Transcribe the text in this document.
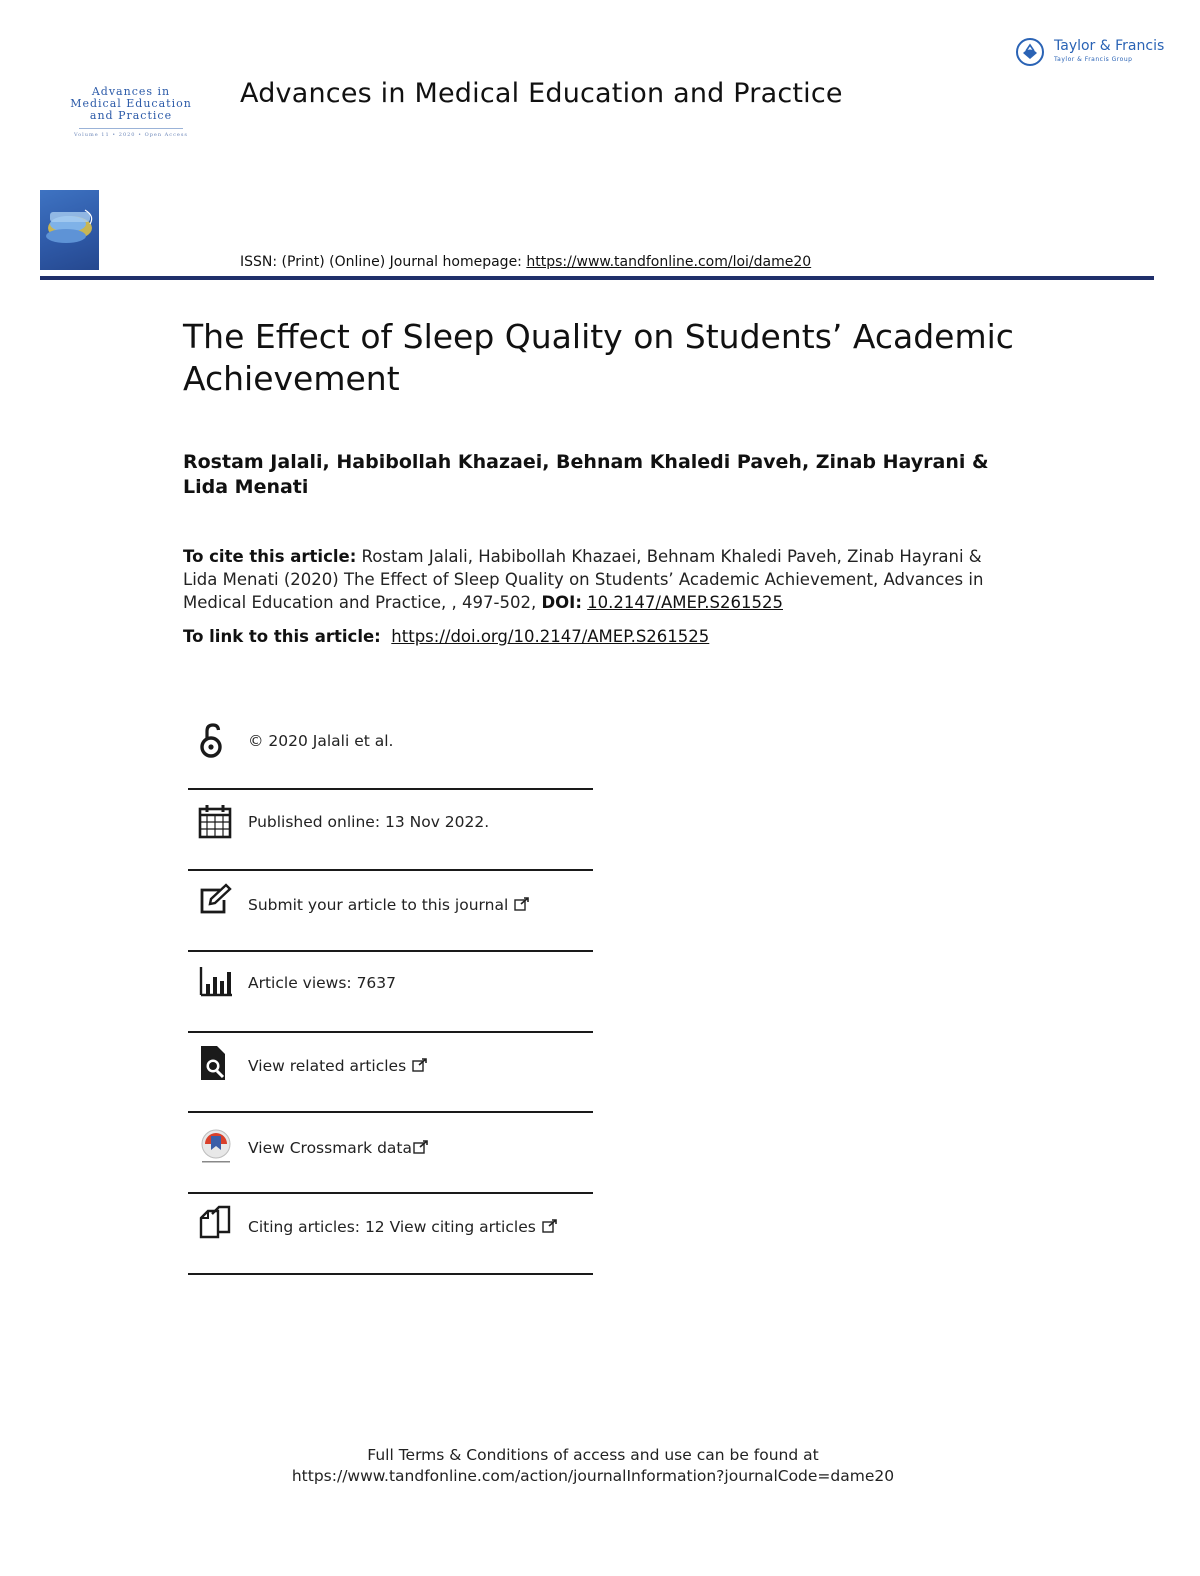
Advances in
Medical Education
and Practice
Volume 11 • 2020 • Open Access
Advances in Medical Education and Practice
Taylor & Francis
Taylor & Francis Group
ISSN: (Print) (Online) Journal homepage: https://www.tandfonline.com/loi/dame20
The Effect of Sleep Quality on Students’ Academic Achievement
Rostam Jalali, Habibollah Khazaei, Behnam Khaledi Paveh, Zinab Hayrani & Lida Menati
To cite this article: Rostam Jalali, Habibollah Khazaei, Behnam Khaledi Paveh, Zinab Hayrani & Lida Menati (2020) The Effect of Sleep Quality on Students’ Academic Achievement, Advances in Medical Education and Practice, , 497-502, DOI: 10.2147/AMEP.S261525
To link to this article: https://doi.org/10.2147/AMEP.S261525
© 2020 Jalali et al.
Published online: 13 Nov 2022.
Submit your article to this journal
Article views: 7637
View related articles
View Crossmark data
Citing articles: 12 View citing articles
Full Terms & Conditions of access and use can be found at
https://www.tandfonline.com/action/journalInformation?journalCode=dame20
